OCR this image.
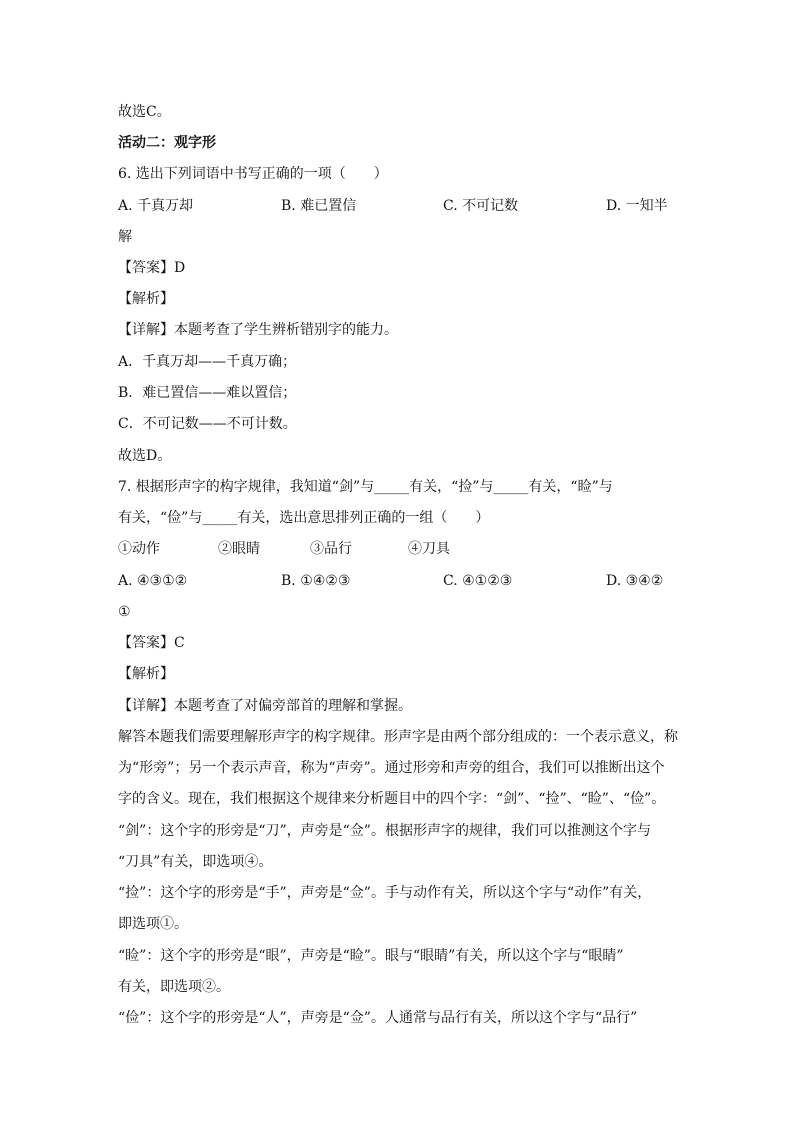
故选C。
活动二：观字形
6. 选出下列词语中书写正确的一项（　　）
A. 千真万却	B. 难已置信	C. 不可记数	D. 一知半
解
【答案】D
【解析】
【详解】本题考查了学生辨析错别字的能力。
A．千真万却——千真万确；
B．难已置信——难以置信；
C．不可记数——不可计数。
故选D。
7. 根据形声字的构字规律，我知道“剑”与_____有关，“捡”与_____有关，“睑”与
有关，“俭”与_____有关，选出意思排列正确的一组（　　）
①动作	②眼睛	③品行	④刀具
A. ④③①②	B. ①④②③	C. ④①②③	D. ③④②
①
【答案】C
【解析】
【详解】本题考查了对偏旁部首的理解和掌握。
解答本题我们需要理解形声字的构字规律。形声字是由两个部分组成的：一个表示意义，称
为“形旁”；另一个表示声音，称为“声旁”。通过形旁和声旁的组合，我们可以推断出这个
字的含义。现在，我们根据这个规律来分析题目中的四个字：“剑”、“捡”、“睑”、“俭”。
“剑”：这个字的形旁是“刀”，声旁是“佥”。根据形声字的规律，我们可以推测这个字与
“刀具”有关，即选项④。
“捡”：这个字的形旁是“手”，声旁是“佥”。手与动作有关，所以这个字与“动作”有关，
即选项①。
“睑”：这个字的形旁是“眼”，声旁是“睑”。眼与“眼睛”有关，所以这个字与“眼睛”
有关，即选项②。
“俭”：这个字的形旁是“人”，声旁是“佥”。人通常与品行有关，所以这个字与“品行”
